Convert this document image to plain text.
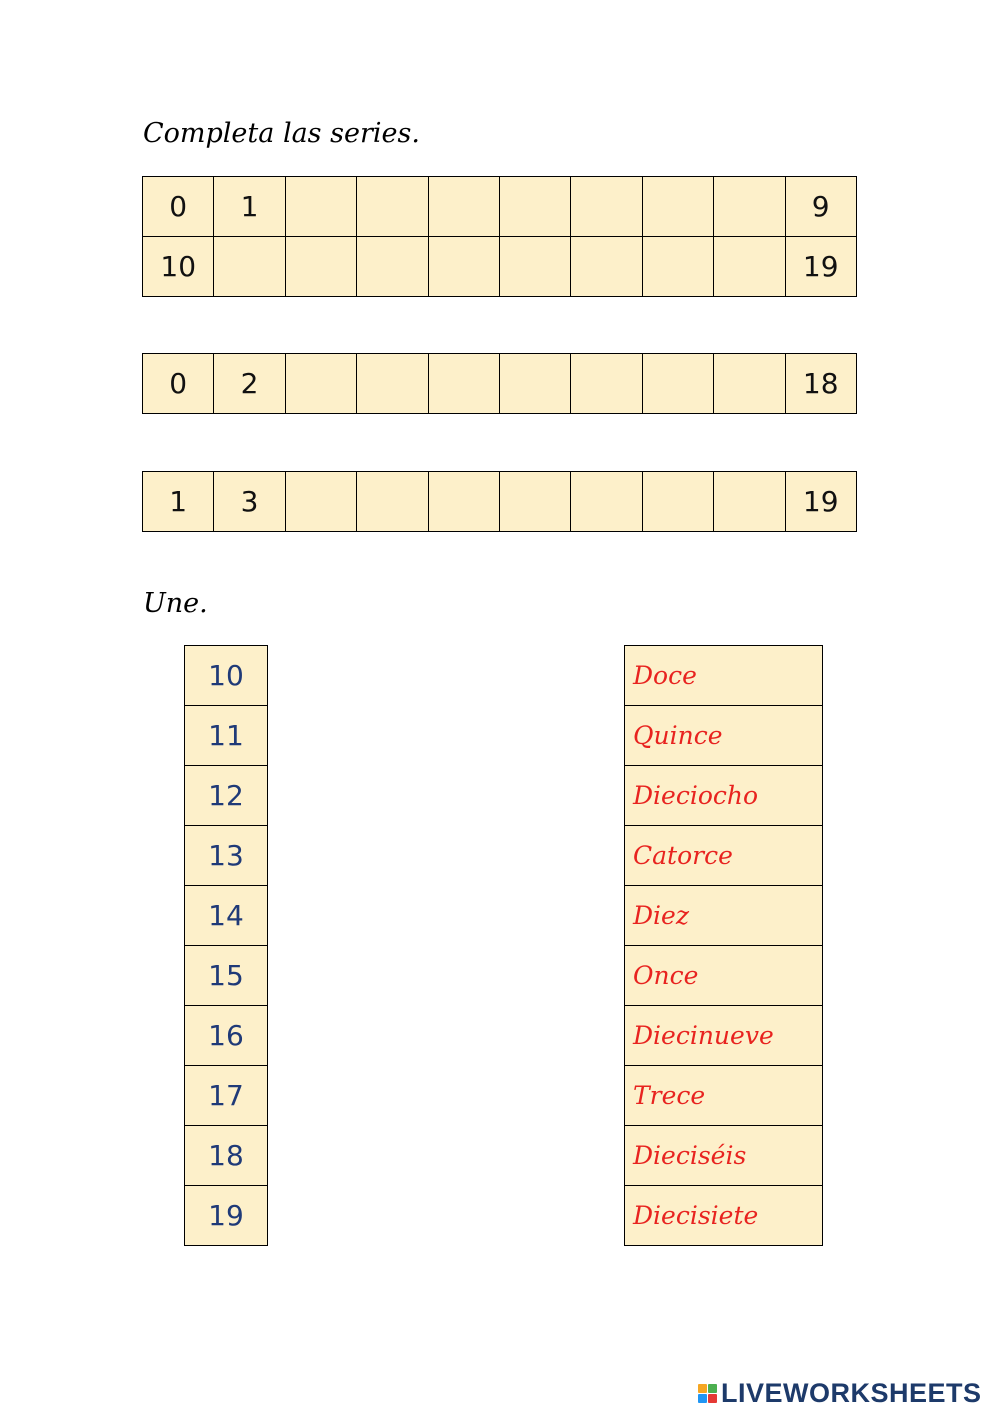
Completa las series.
0	1								9
10									19
0	2								18
1	3								19
Une.
10
11
12
13
14
15
16
17
18
19
Doce
Quince
Dieciocho
Catorce
Diez
Once
Diecinueve
Trece
Dieciséis
Diecisiete
LIVEWORKSHEETS
